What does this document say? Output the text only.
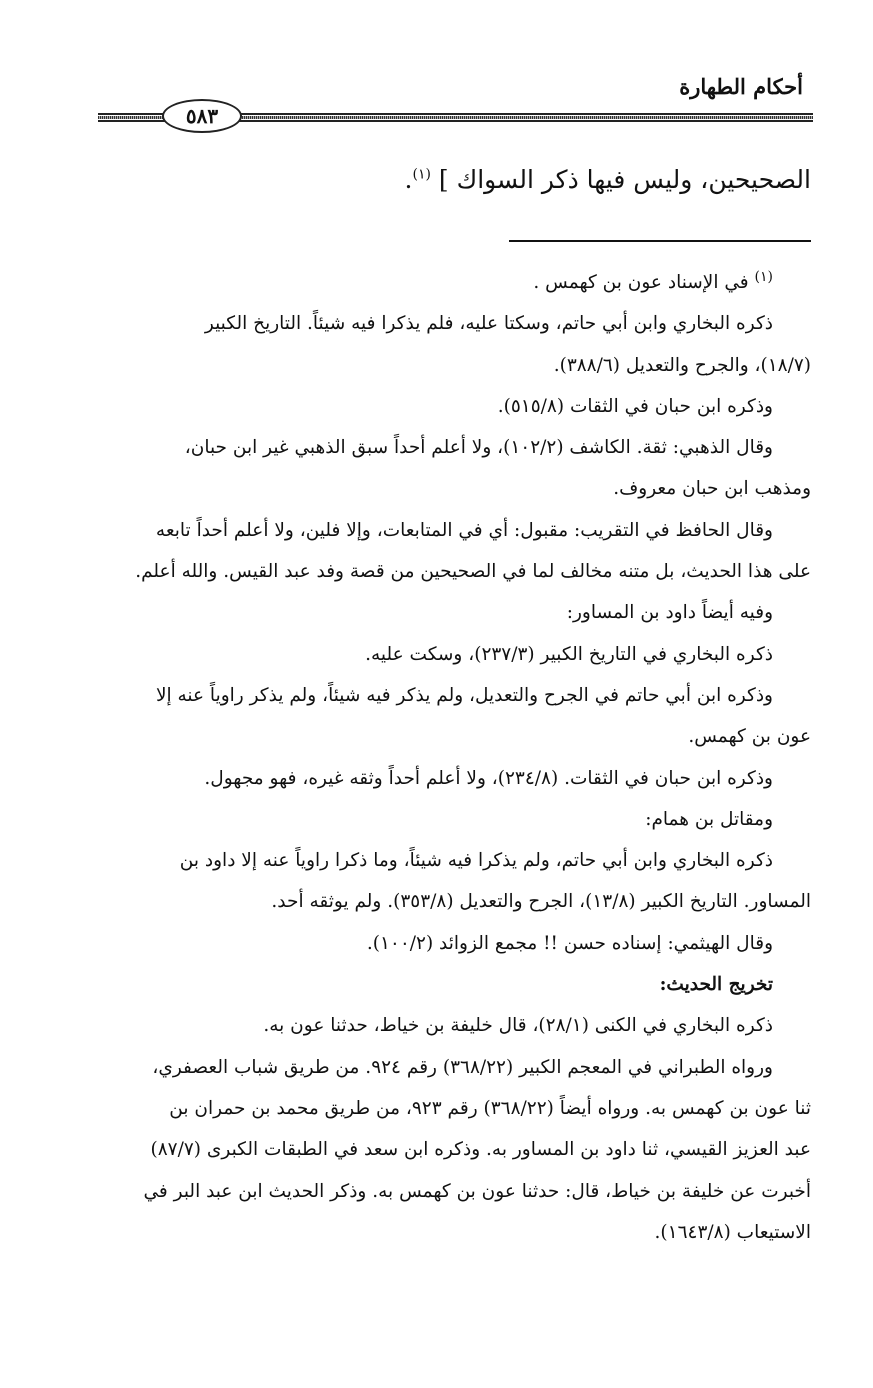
أحكام الطهارة
٥٨٣
الصحيحين، وليس فيها ذكر السواك ] $^{(١)}$.

$^{(١)}$ في الإسناد عون بن كهمس .

ذكره البخاري وابن أبي حاتم، وسكتا عليه، فلم يذكرا فيه شيئاً. التاريخ الكبير

(١٨/٧)، والجرح والتعديل (٣٨٨/٦).

وذكره ابن حبان في الثقات (٥١٥/٨).

وقال الذهبي: ثقة. الكاشف (١٠٢/٢)، ولا أعلم أحداً سبق الذهبي غير ابن حبان،

ومذهب ابن حبان معروف.

وقال الحافظ في التقريب: مقبول: أي في المتابعات، وإلا فلين، ولا أعلم أحداً تابعه

على هذا الحديث، بل متنه مخالف لما في الصحيحين من قصة وفد عبد القيس. والله أعلم.

وفيه أيضاً داود بن المساور:

ذكره البخاري في التاريخ الكبير (٢٣٧/٣)، وسكت عليه.

وذكره ابن أبي حاتم في الجرح والتعديل، ولم يذكر فيه شيئاً، ولم يذكر راوياً عنه إلا

عون بن كهمس.

وذكره ابن حبان في الثقات. (٢٣٤/٨)، ولا أعلم أحداً وثقه غيره، فهو مجهول.

ومقاتل بن همام:

ذكره البخاري وابن أبي حاتم، ولم يذكرا فيه شيئاً، وما ذكرا راوياً عنه إلا داود بن

المساور. التاريخ الكبير (١٣/٨)، الجرح والتعديل (٣٥٣/٨). ولم يوثقه أحد.

وقال الهيثمي: إسناده حسن !! مجمع الزوائد (١٠٠/٢).

تخريج الحديث:

ذكره البخاري في الكنى (٢٨/١)، قال خليفة بن خياط، حدثنا عون به.

ورواه الطبراني في المعجم الكبير (٣٦٨/٢٢) رقم ٩٢٤. من طريق شباب العصفري،

ثنا عون بن كهمس به. ورواه أيضاً (٣٦٨/٢٢) رقم ٩٢٣، من طريق محمد بن حمران بن

عبد العزيز القيسي، ثنا داود بن المساور به. وذكره ابن سعد في الطبقات الكبرى (٨٧/٧)

أخبرت عن خليفة بن خياط، قال: حدثنا عون بن كهمس به. وذكر الحديث ابن عبد البر في

الاستيعاب (١٦٤٣/٨).
